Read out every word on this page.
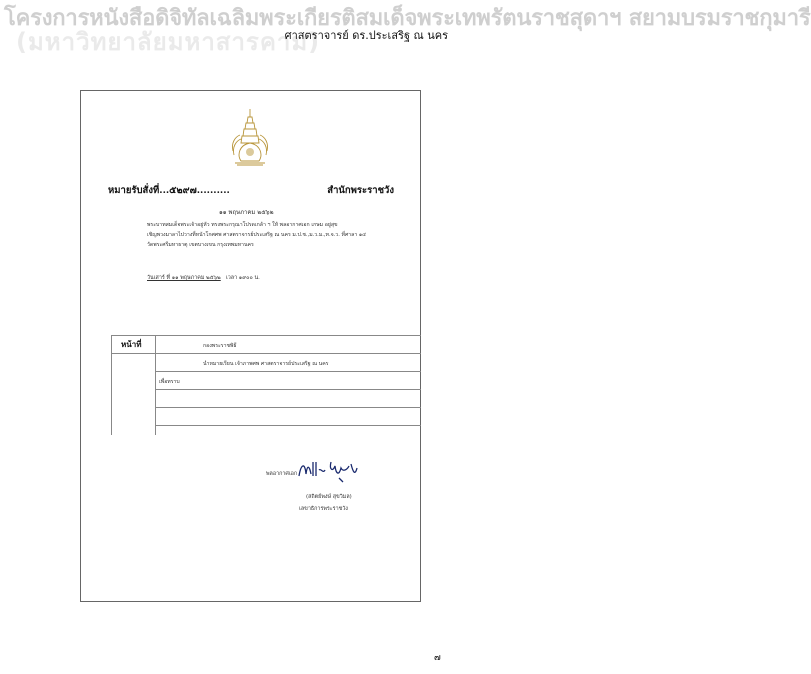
โครงการหนังสือดิจิทัลเฉลิมพระเกียรติสมเด็จพระเทพรัตนราชสุดาฯ สยามบรมราชกุมารี
(มหาวิทยาลัยมหาสารคาม)
ศาสตราจารย์ ดร.ประเสริฐ ณ นคร
หมายรับสั่งที่...๕๒๙๗..........	สำนักพระราชวัง
๑๑ พฤษภาคม ๒๕๖๒
พระบาทสมเด็จพระเจ้าอยู่หัว ทรงพระกรุณาโปรดเกล้า ฯ ให้ พลอากาศเอก เกษม อยู่สุข
เชิญพวงมาลาไปวางที่หน้าโกศศพ ศาสตราจารย์ประเสริฐ ณ นคร ม.ป.ช.,ม.ว.ม.,ท.จ.ว. ที่ศาลา ๑๔
วัดพระศรีมหาธาตุ เขตบางเขน กรุงเทพมหานคร
วันเสาร์ ที่ ๑๑ พฤษภาคม ๒๕๖๒ เวลา ๑๙๐๐ น.
หน้าที่	กองพระราชพิธี
นำหมายเรียน เจ้าภาพศพ ศาสตราจารย์ประเสริฐ ณ นคร
เพื่อทราบ
พลอากาศเอก
(สถิตย์พงษ์ สุขวิมล)
เลขาธิการพระราชวัง
๗
